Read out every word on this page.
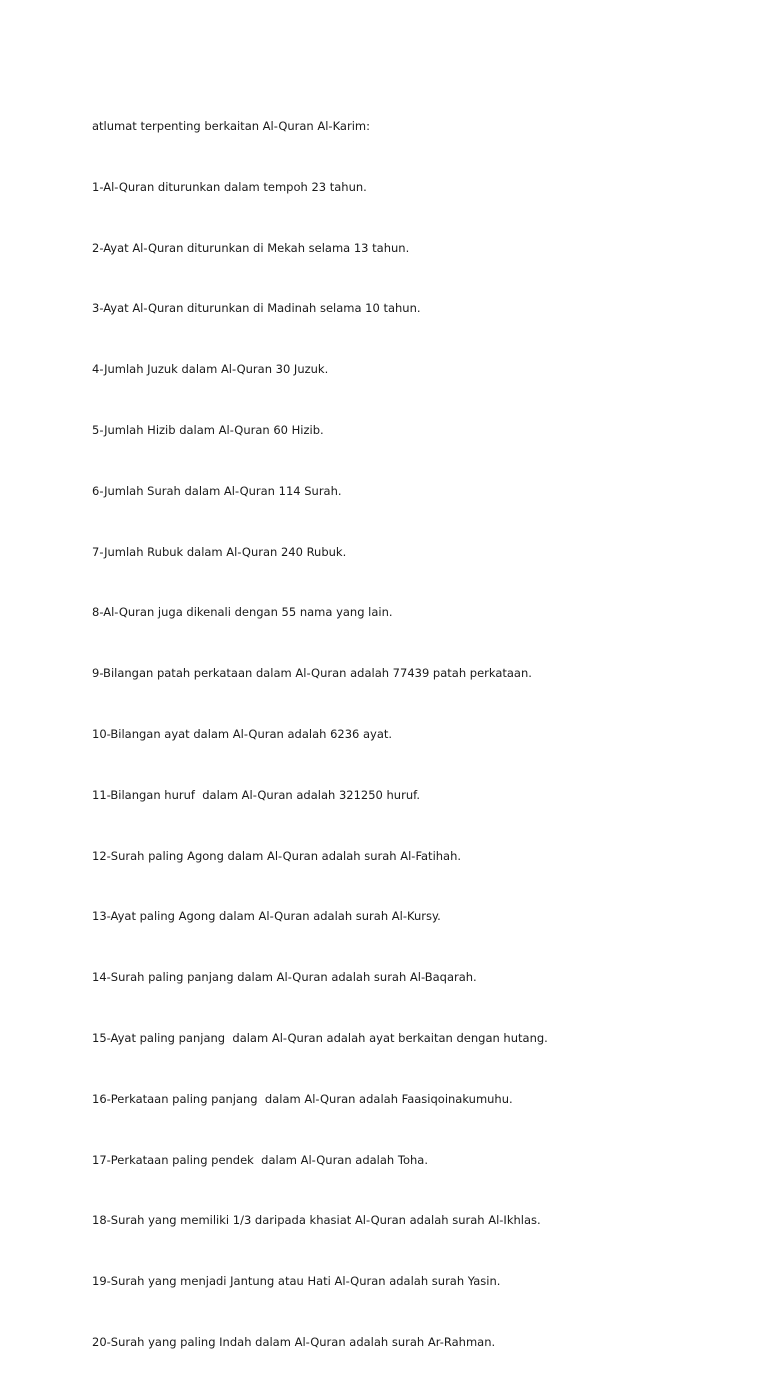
atlumat terpenting berkaitan Al-Quran Al-Karim:

1-Al-Quran diturunkan dalam tempoh 23 tahun.

2-Ayat Al-Quran diturunkan di Mekah selama 13 tahun.

3-Ayat Al-Quran diturunkan di Madinah selama 10 tahun.

4-Jumlah Juzuk dalam Al-Quran 30 Juzuk.

5-Jumlah Hizib dalam Al-Quran 60 Hizib.

6-Jumlah Surah dalam Al-Quran 114 Surah.

7-Jumlah Rubuk dalam Al-Quran 240 Rubuk.

8-Al-Quran juga dikenali dengan 55 nama yang lain.

9-Bilangan patah perkataan dalam Al-Quran adalah 77439 patah perkataan.

10-Bilangan ayat dalam Al-Quran adalah 6236 ayat.

11-Bilangan huruf  dalam Al-Quran adalah 321250 huruf.

12-Surah paling Agong dalam Al-Quran adalah surah Al-Fatihah.

13-Ayat paling Agong dalam Al-Quran adalah surah Al-Kursy.

14-Surah paling panjang dalam Al-Quran adalah surah Al-Baqarah.

15-Ayat paling panjang  dalam Al-Quran adalah ayat berkaitan dengan hutang.

16-Perkataan paling panjang  dalam Al-Quran adalah Faasiqoinakumuhu.

17-Perkataan paling pendek  dalam Al-Quran adalah Toha.

18-Surah yang memiliki 1/3 daripada khasiat Al-Quran adalah surah Al-Ikhlas.

19-Surah yang menjadi Jantung atau Hati Al-Quran adalah surah Yasin.

20-Surah yang paling Indah dalam Al-Quran adalah surah Ar-Rahman.
